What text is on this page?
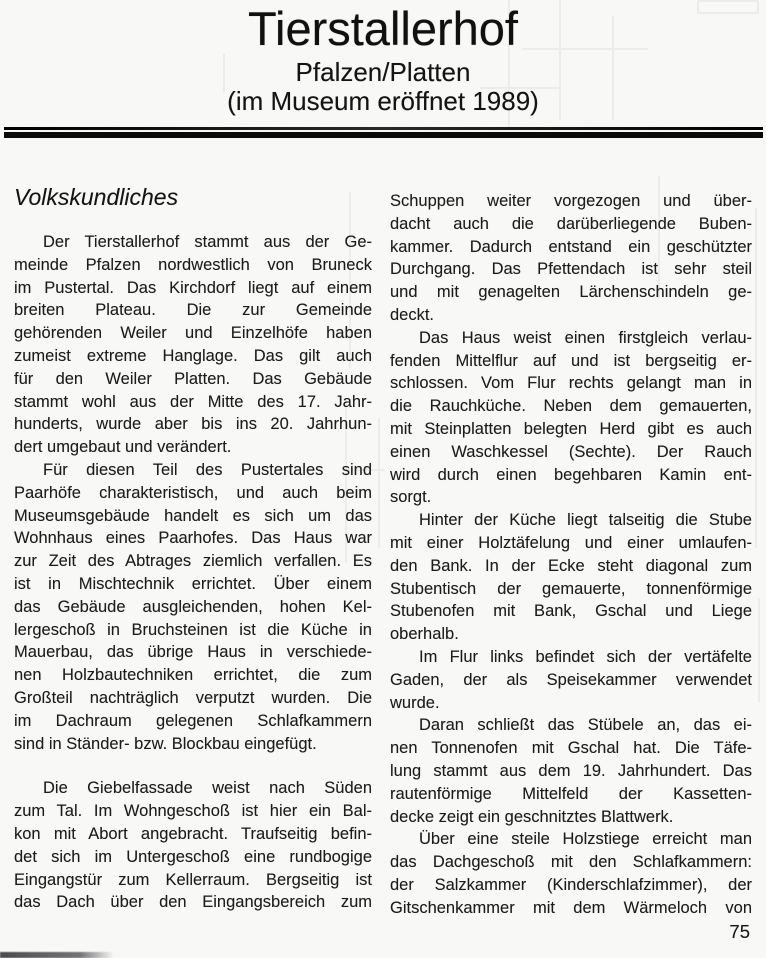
Tierstallerhof
Pfalzen/Platten
(im Museum eröffnet 1989)
Volkskundliches
Der Tierstallerhof stammt aus der Ge-
meinde Pfalzen nordwestlich von Bruneck
im Pustertal. Das Kirchdorf liegt auf einem
breiten Plateau. Die zur Gemeinde
gehörenden Weiler und Einzelhöfe haben
zumeist extreme Hanglage. Das gilt auch
für den Weiler Platten. Das Gebäude
stammt wohl aus der Mitte des 17. Jahr-
hunderts, wurde aber bis ins 20. Jahrhun-
dert umgebaut und verändert.
Für diesen Teil des Pustertales sind
Paarhöfe charakteristisch, und auch beim
Museumsgebäude handelt es sich um das
Wohnhaus eines Paarhofes. Das Haus war
zur Zeit des Abtrages ziemlich verfallen. Es
ist in Mischtechnik errichtet. Über einem
das Gebäude ausgleichenden, hohen Kel-
lergeschoß in Bruchsteinen ist die Küche in
Mauerbau, das übrige Haus in verschiede-
nen Holzbautechniken errichtet, die zum
Großteil nachträglich verputzt wurden. Die
im Dachraum gelegenen Schlafkammern
sind in Ständer- bzw. Blockbau eingefügt.
Die Giebelfassade weist nach Süden
zum Tal. Im Wohngeschoß ist hier ein Bal-
kon mit Abort angebracht. Traufseitig befin-
det sich im Untergeschoß eine rundbogige
Eingangstür zum Kellerraum. Bergseitig ist
das Dach über den Eingangsbereich zum
Schuppen weiter vorgezogen und über-
dacht auch die darüberliegende Buben-
kammer. Dadurch entstand ein geschützter
Durchgang. Das Pfettendach ist sehr steil
und mit genagelten Lärchenschindeln ge-
deckt.
Das Haus weist einen firstgleich verlau-
fenden Mittelflur auf und ist bergseitig er-
schlossen. Vom Flur rechts gelangt man in
die Rauchküche. Neben dem gemauerten,
mit Steinplatten belegten Herd gibt es auch
einen Waschkessel (Sechte). Der Rauch
wird durch einen begehbaren Kamin ent-
sorgt.
Hinter der Küche liegt talseitig die Stube
mit einer Holztäfelung und einer umlaufen-
den Bank. In der Ecke steht diagonal zum
Stubentisch der gemauerte, tonnenförmige
Stubenofen mit Bank, Gschal und Liege
oberhalb.
Im Flur links befindet sich der vertäfelte
Gaden, der als Speisekammer verwendet
wurde.
Daran schließt das Stübele an, das ei-
nen Tonnenofen mit Gschal hat. Die Täfe-
lung stammt aus dem 19. Jahrhundert. Das
rautenförmige Mittelfeld der Kassetten-
decke zeigt ein geschnitztes Blattwerk.
Über eine steile Holzstiege erreicht man
das Dachgeschoß mit den Schlafkammern:
der Salzkammer (Kinderschlafzimmer), der
Gitschenkammer mit dem Wärmeloch von
75
